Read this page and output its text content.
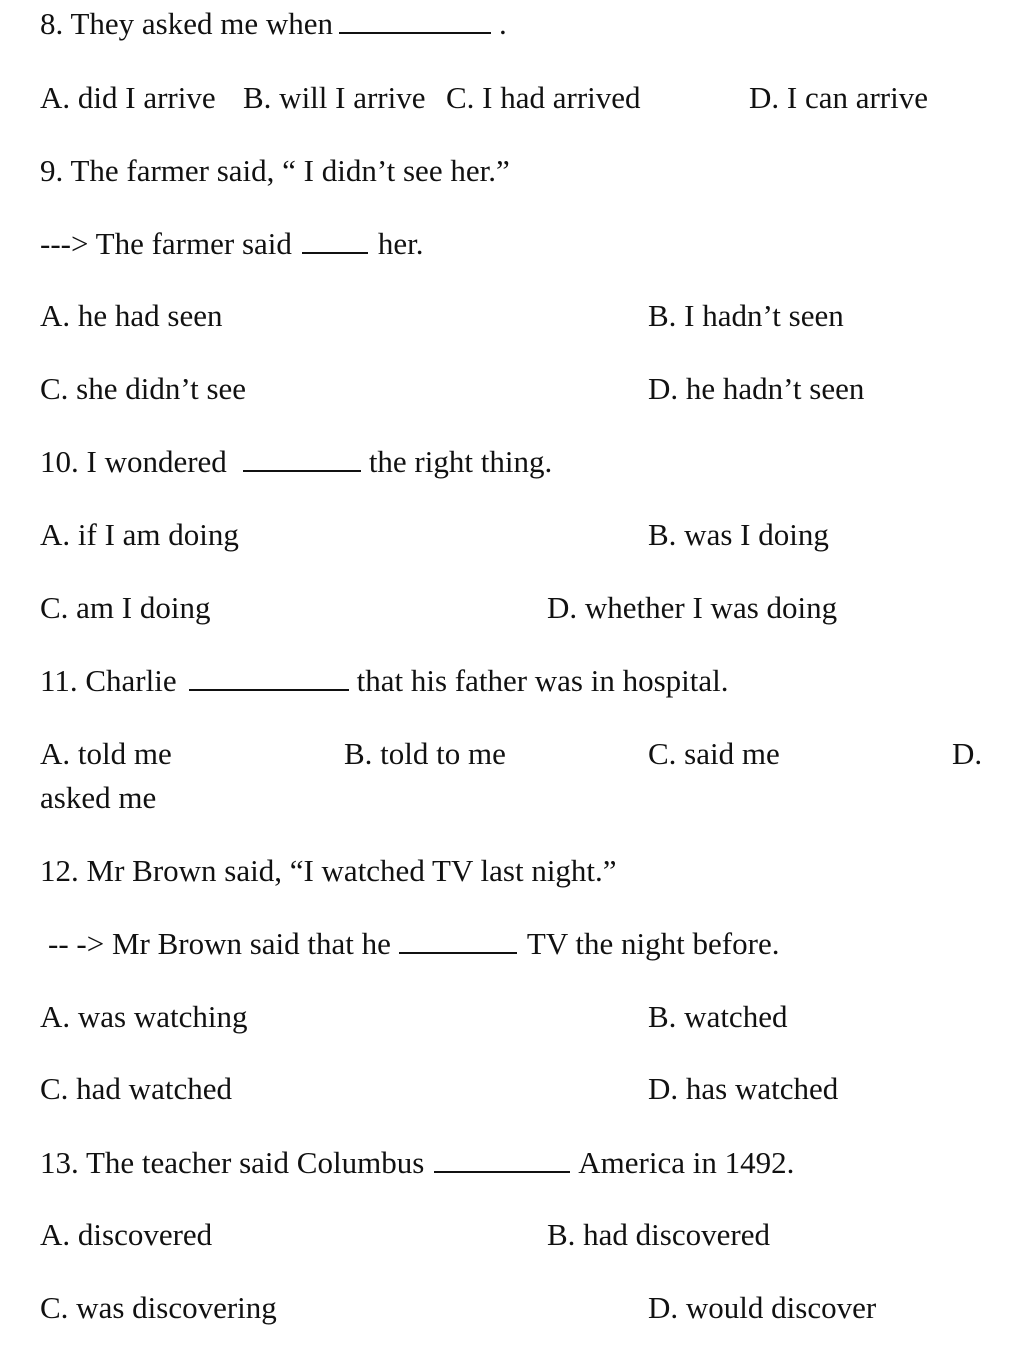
8. They asked me when	.
A. did I arrive B. will I arrive C. I had arrived	D. I can arrive
9. The farmer said, “ I didn’t see her.”
---> The farmer said	her.
A. he had seen	B. I hadn’t seen
C. she didn’t see	D. he hadn’t seen
10. I wondered	the right thing.
A. if I am doing	B. was I doing
C. am I doing	D. whether I was doing
11. Charlie	that his father was in hospital.
A. told me	B. told to me	C. said me	D.
asked me
12. Mr Brown said, “I watched TV last night.”
-- -> Mr Brown said that he	TV the night before.
A. was watching	B. watched
C. had watched	D. has watched
13. The teacher said Columbus	America in 1492.
A. discovered	B. had discovered
C. was discovering	D. would discover
